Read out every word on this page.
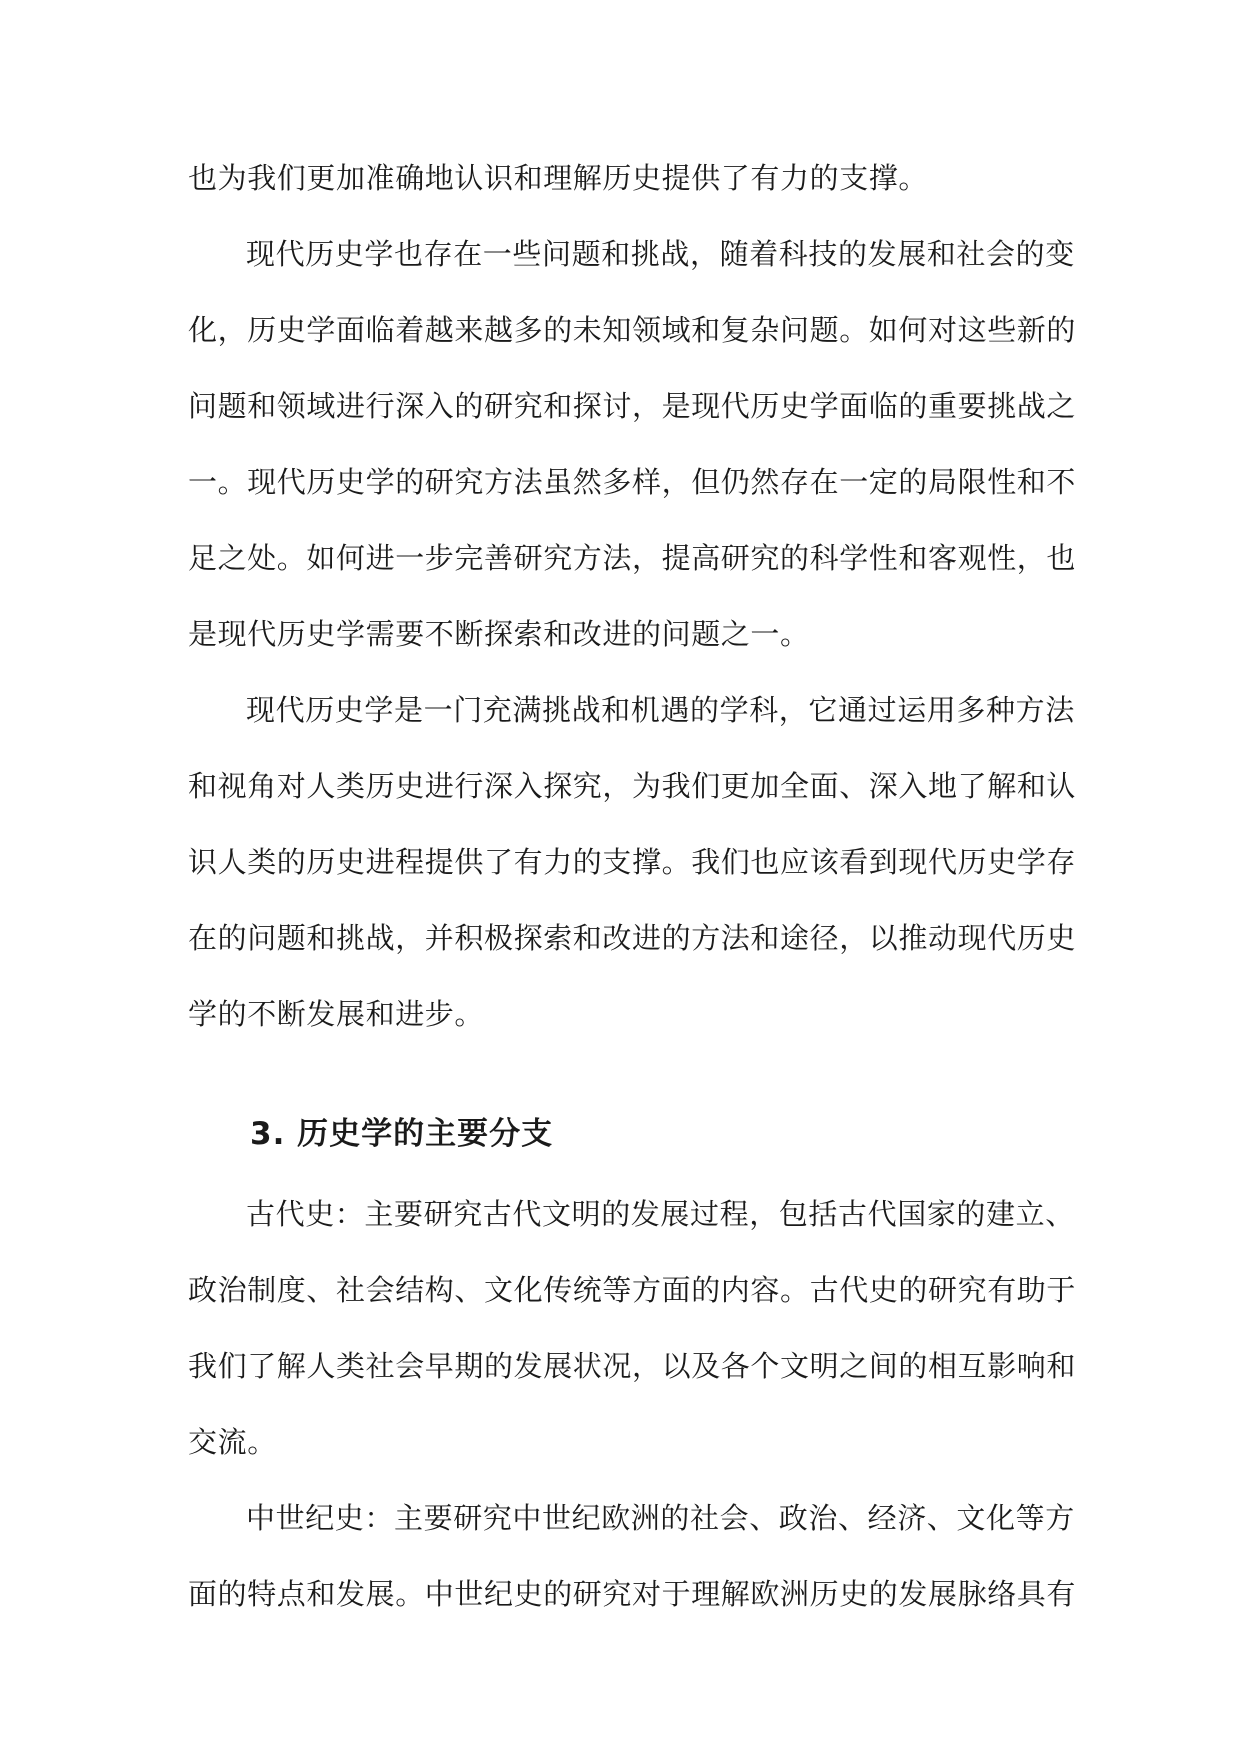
也为我们更加准确地认识和理解历史提供了有力的支撑。
现代历史学也存在一些问题和挑战，随着科技的发展和社会的变
化，历史学面临着越来越多的未知领域和复杂问题。如何对这些新的
问题和领域进行深入的研究和探讨，是现代历史学面临的重要挑战之
一。现代历史学的研究方法虽然多样，但仍然存在一定的局限性和不
足之处。如何进一步完善研究方法，提高研究的科学性和客观性，也
是现代历史学需要不断探索和改进的问题之一。
现代历史学是一门充满挑战和机遇的学科，它通过运用多种方法
和视角对人类历史进行深入探究，为我们更加全面、深入地了解和认
识人类的历史进程提供了有力的支撑。我们也应该看到现代历史学存
在的问题和挑战，并积极探索和改进的方法和途径，以推动现代历史
学的不断发展和进步。
3. 历史学的主要分支
古代史：主要研究古代文明的发展过程，包括古代国家的建立、
政治制度、社会结构、文化传统等方面的内容。古代史的研究有助于
我们了解人类社会早期的发展状况，以及各个文明之间的相互影响和
交流。
中世纪史：主要研究中世纪欧洲的社会、政治、经济、文化等方
面的特点和发展。中世纪史的研究对于理解欧洲历史的发展脉络具有
